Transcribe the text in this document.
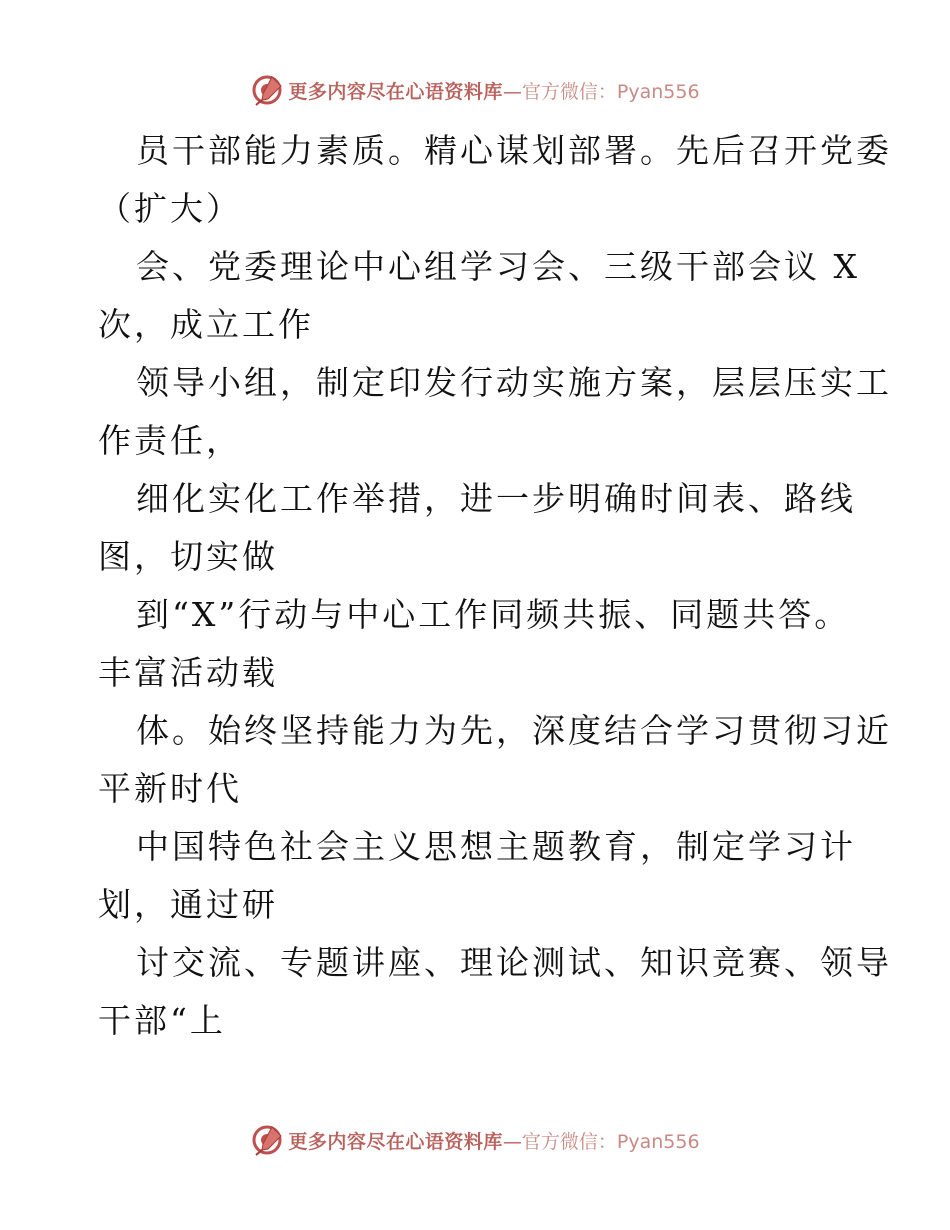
更多内容尽在心语资料库—官方微信：Pyan556
员干部能力素质。精心谋划部署。先后召开党委
（扩大）
会、党委理论中心组学习会、三级干部会议 X
次，成立工作
领导小组，制定印发行动实施方案，层层压实工
作责任，
细化实化工作举措，进一步明确时间表、路线
图，切实做
到“X”行动与中心工作同频共振、同题共答。
丰富活动载
体。始终坚持能力为先，深度结合学习贯彻习近
平新时代
中国特色社会主义思想主题教育，制定学习计
划，通过研
讨交流、专题讲座、理论测试、知识竞赛、领导
干部“上
更多内容尽在心语资料库—官方微信：Pyan556
